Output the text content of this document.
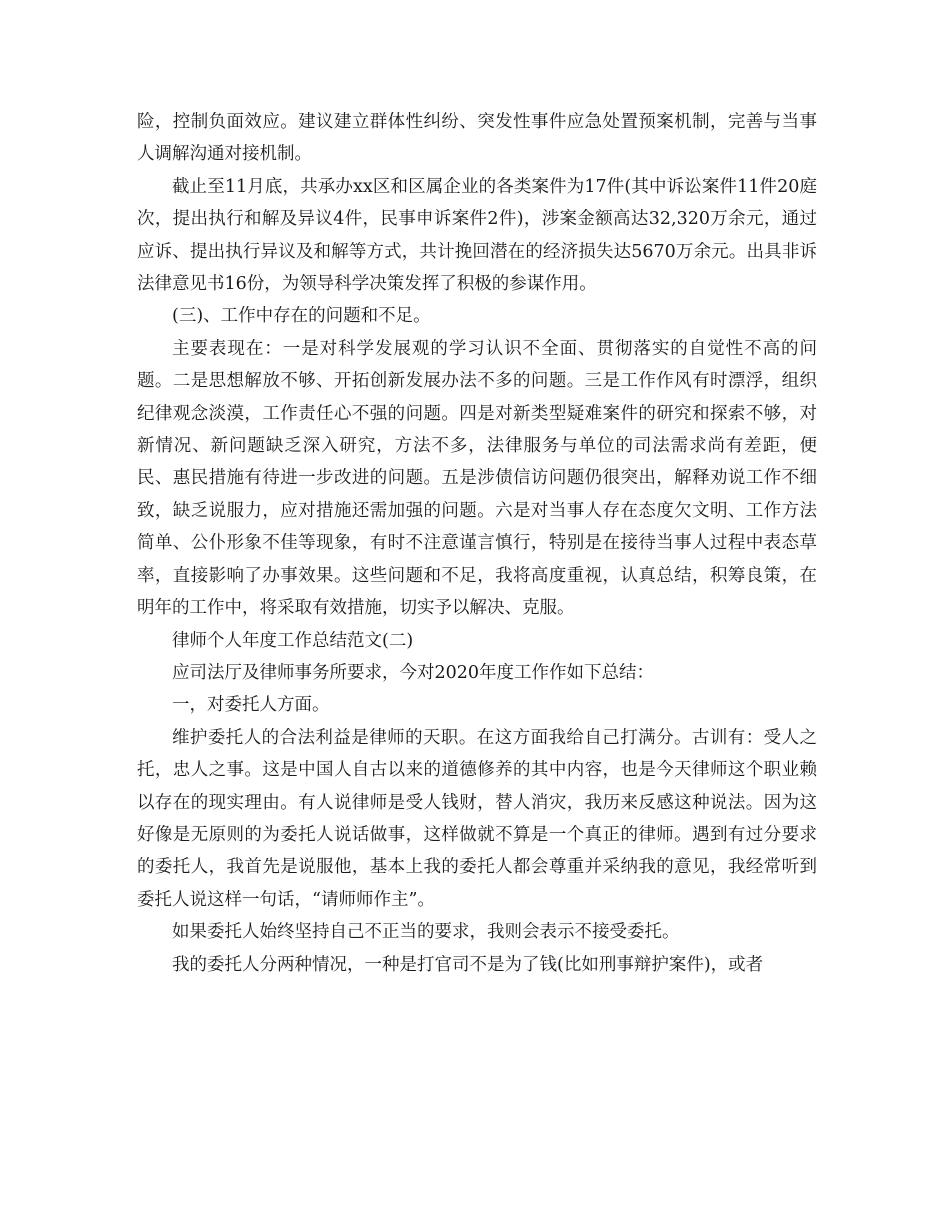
险，控制负面效应。建议建立群体性纠纷、突发性事件应急处置预案机制，完善与当事人调解沟通对接机制。

截止至11月底，共承办xx区和区属企业的各类案件为17件(其中诉讼案件11件20庭次，提出执行和解及异议4件，民事申诉案件2件)，涉案金额高达32,320万余元，通过应诉、提出执行异议及和解等方式，共计挽回潜在的经济损失达5670万余元。出具非诉法律意见书16份，为领导科学决策发挥了积极的参谋作用。

(三)、工作中存在的问题和不足。

主要表现在：一是对科学发展观的学习认识不全面、贯彻落实的自觉性不高的问题。二是思想解放不够、开拓创新发展办法不多的问题。三是工作作风有时漂浮，组织纪律观念淡漠，工作责任心不强的问题。四是对新类型疑难案件的研究和探索不够，对新情况、新问题缺乏深入研究，方法不多，法律服务与单位的司法需求尚有差距，便民、惠民措施有待进一步改进的问题。五是涉债信访问题仍很突出，解释劝说工作不细致，缺乏说服力，应对措施还需加强的问题。六是对当事人存在态度欠文明、工作方法简单、公仆形象不佳等现象，有时不注意谨言慎行，特别是在接待当事人过程中表态草率，直接影响了办事效果。这些问题和不足，我将高度重视，认真总结，积筹良策，在明年的工作中，将采取有效措施，切实予以解决、克服。

律师个人年度工作总结范文(二)

应司法厅及律师事务所要求，今对2020年度工作作如下总结：

一，对委托人方面。

维护委托人的合法利益是律师的天职。在这方面我给自己打满分。古训有：受人之托，忠人之事。这是中国人自古以来的道德修养的其中内容，也是今天律师这个职业赖以存在的现实理由。有人说律师是受人钱财，替人消灾，我历来反感这种说法。因为这好像是无原则的为委托人说话做事，这样做就不算是一个真正的律师。遇到有过分要求的委托人，我首先是说服他，基本上我的委托人都会尊重并采纳我的意见，我经常听到委托人说这样一句话，“请师师作主”。

如果委托人始终坚持自己不正当的要求，我则会表示不接受委托。

我的委托人分两种情况，一种是打官司不是为了钱(比如刑事辩护案件)，或者
